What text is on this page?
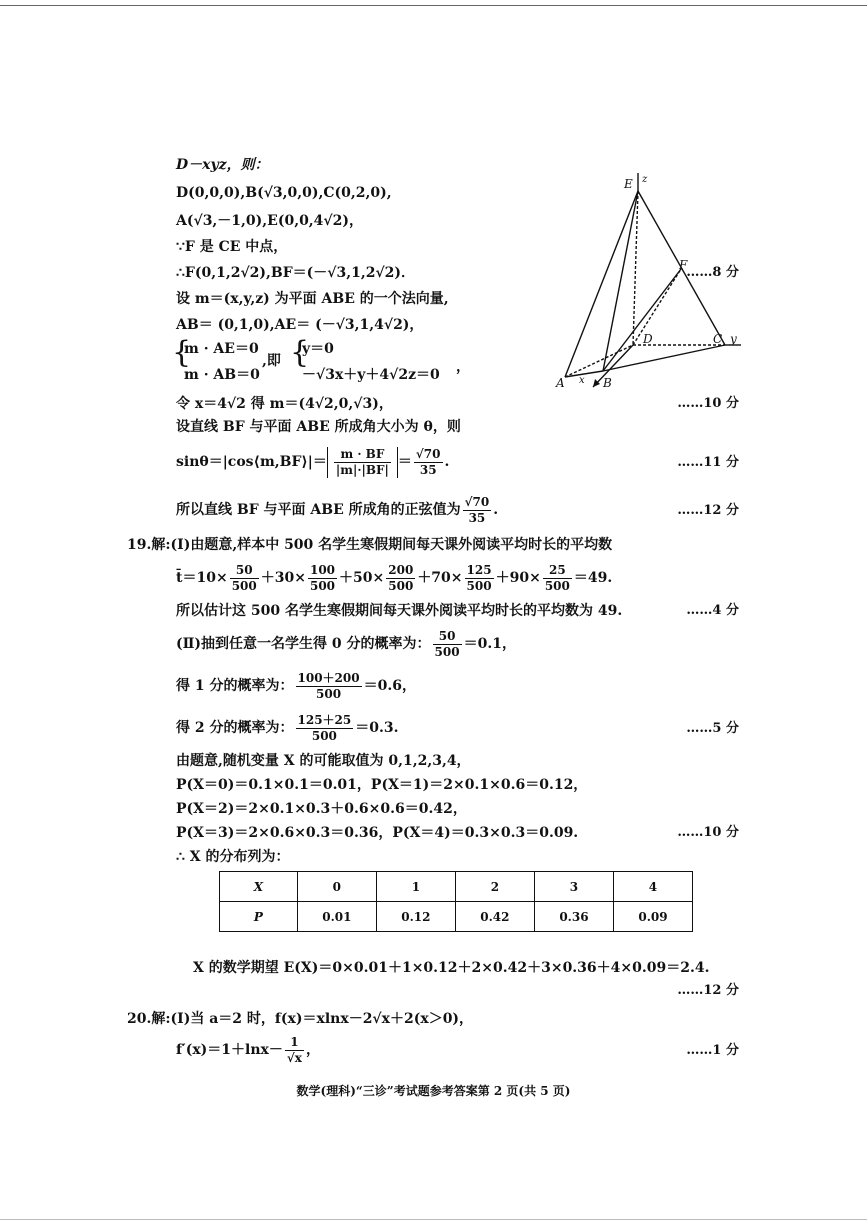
D－xyz，则：
D(0,0,0),B(√3,0,0),C(0,2,0),
A(√3,－1,0),E(0,0,4√2)，
∵F 是 CE 中点，
∴F(0,1,2√2),BF＝(－√3,1,2√2)．	……8 分
设 m＝(x,y,z) 为平面 ABE 的一个法向量,
AB＝ (0,1,0),AE＝ (－√3,1,4√2)，
{
m · AE＝0
m · AB＝0
,即 {
y＝0
－√3x＋y＋4√2z＝0 ，
令 x＝4√2 得 m＝(4√2,0,√3)，	……10 分
设直线 BF 与平面 ABE 所成角大小为 θ，则
sinθ＝|cos⟨m,BF⟩|＝ $\frac{m \cdot BF}{|m|\cdot|BF|} = \frac{√70}{35}$ .	……11 分
所以直线 BF 与平面 ABE 所成角的正弦值为 $\frac{√70}{35}$ .	……12 分
E z
F
D	C y
A x B
19.解:(Ⅰ)由题意,样本中 500 名学生寒假期间每天课外阅读平均时长的平均数
t̄＝10× $\frac{50}{500} +30\times \frac{100}{500} +50\times \frac{200}{500} +70\times \frac{125}{500} +90\times \frac{25}{500} =49$.
所以估计这 500 名学生寒假期间每天课外阅读平均时长的平均数为 49.	……4 分
(Ⅱ)抽到任意一名学生得 0 分的概率为： $\frac{50}{500} =0.1$，
得 1 分的概率为： $\frac{100+200}{500} =0.6$，
得 2 分的概率为： $\frac{125+25}{500} =0.3$.	……5 分
由题意,随机变量 X 的可能取值为 0,1,2,3,4，
P(X＝0)＝0.1×0.1＝0.01，P(X＝1)＝2×0.1×0.6＝0.12，
P(X＝2)＝2×0.1×0.3＋0.6×0.6＝0.42，
P(X＝3)＝2×0.6×0.3＝0.36，P(X＝4)＝0.3×0.3＝0.09.	……10 分
∴ X 的分布列为：
X	0	1	2	3	4
P	0.01	0.12	0.42	0.36	0.09
X 的数学期望 E(X)＝0×0.01＋1×0.12＋2×0.42＋3×0.36＋4×0.09＝2.4.
……12 分
20.解:(Ⅰ)当 a＝2 时，f(x)＝xlnx－2√x＋2(x＞0)，
$f'(x)=1+\ln x- \frac{1}{√x}$ ，	……1 分
数学(理科)“三诊”考试题参考答案第 2 页(共 5 页)
